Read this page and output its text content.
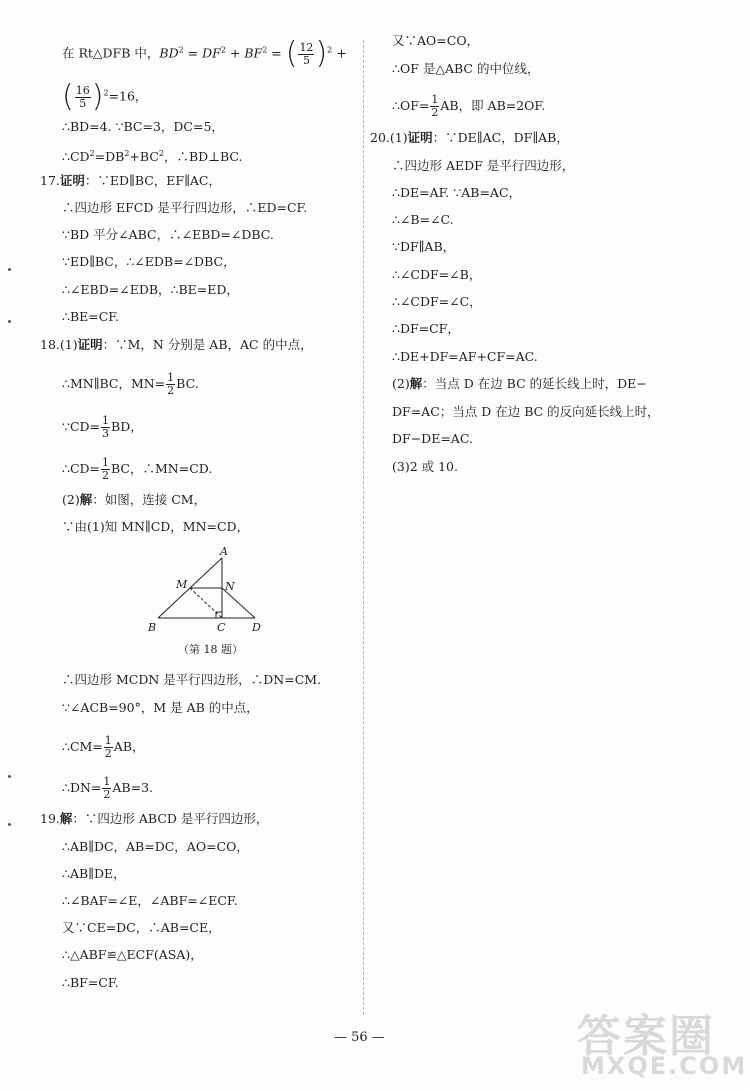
在 Rt△DFB 中，$BD^2 = DF^2 + BF^2$ = ( $\frac{12}{5} )^2$ +
( $\frac{16}{5} )^2=16$，
∴BD=4. ∵BC=3，DC=5，
$\therefore CD^2=DB^2+BC^2$，∴BD⊥BC.
17.证明：∵ED∥BC，EF∥AC，
∴四边形 EFCD 是平行四边形，∴ED=CF.
∵BD 平分∠ABC，∴∠EBD=∠DBC.
∵ED∥BC，∴∠EDB=∠DBC，
∴∠EBD=∠EDB，∴BE=ED，
∴BE=CF.
18.(1)证明：∵M，N 分别是 AB，AC 的中点，
∴MN∥BC，$MN= \frac{1}{2}$ BC.
∵CD= $\frac{1}{3}$ BD，
∴CD= $\frac{1}{2}$ BC，∴MN=CD.
(2)解：如图，连接 CM，
∵由(1)知 MN∥CD，MN=CD，
A
M	N
B	C D
（第 18 题）
∴四边形 MCDN 是平行四边形，∴DN=CM.
∵∠ACB=90°，M 是 AB 的中点，
∴CM= $\frac{1}{2}$ AB，
∴DN= $\frac{1}{2} AB=3$.
19.解：∵四边形 ABCD 是平行四边形，
∴AB∥DC，AB=DC，AO=CO，
∴AB∥DE，
∴∠BAF=∠E，∠ABF=∠ECF.
又∵CE=DC，∴AB=CE，
∴△ABF≌△ECF(ASA)，
∴BF=CF.
又∵AO=CO，
∴OF 是△ABC 的中位线，
∴OF= $\frac{1}{2}$ AB，即 AB=2OF.
20.(1)证明：∵DE∥AC，DF∥AB，
∴四边形 AEDF 是平行四边形，
∴DE=AF. ∵AB=AC，
∴∠B=∠C.
∵DF∥AB，
∴∠CDF=∠B，
∴∠CDF=∠C，
∴DF=CF，
∴DE+DF=AF+CF=AC.
(2)解：当点 D 在边 BC 的延长线上时，DE−
DF=AC；当点 D 在边 BC 的反向延长线上时，
DF−DE=AC.
(3)2 或 10.
— 56 —	答案圈
MXQE.COM
